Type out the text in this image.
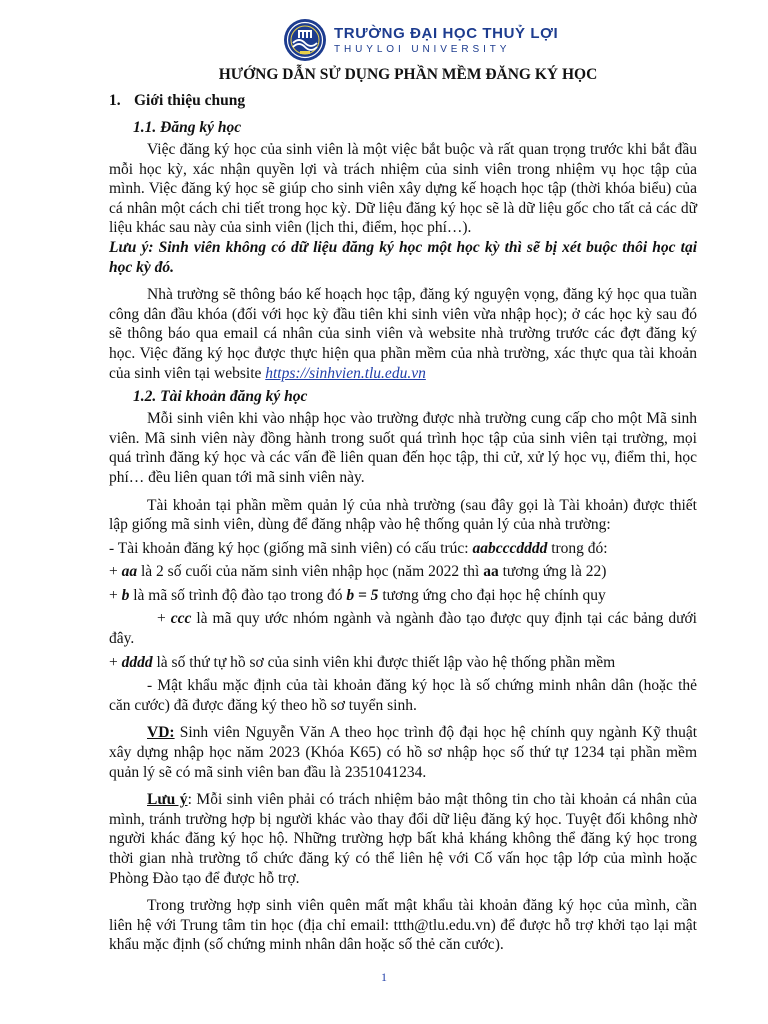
TRƯỜNG ĐẠI HỌC THUỶ LỢI
THUYLOI UNIVERSITY
HƯỚNG DẪN SỬ DỤNG PHẦN MỀM ĐĂNG KÝ HỌC
1. Giới thiệu chung
1.1. Đăng ký học

Việc đăng ký học của sinh viên là một việc bắt buộc và rất quan trọng trước khi bắt đầu mỗi học kỳ, xác nhận quyền lợi và trách nhiệm của sinh viên trong nhiệm vụ học tập của mình. Việc đăng ký học sẽ giúp cho sinh viên xây dựng kế hoạch học tập (thời khóa biểu) của cá nhân một cách chi tiết trong học kỳ. Dữ liệu đăng ký học sẽ là dữ liệu gốc cho tất cả các dữ liệu khác sau này của sinh viên (lịch thi, điểm, học phí…).

Lưu ý: Sinh viên không có dữ liệu đăng ký học một học kỳ thì sẽ bị xét buộc thôi học tại học kỳ đó.

Nhà trường sẽ thông báo kế hoạch học tập, đăng ký nguyện vọng, đăng ký học qua tuần công dân đầu khóa (đối với học kỳ đầu tiên khi sinh viên vừa nhập học); ở các học kỳ sau đó sẽ thông báo qua email cá nhân của sinh viên và website nhà trường trước các đợt đăng ký học. Việc đăng ký học được thực hiện qua phần mềm của nhà trường, xác thực qua tài khoản của sinh viên tại website https://sinhvien.tlu.edu.vn

1.2. Tài khoản đăng ký học

Mỗi sinh viên khi vào nhập học vào trường được nhà trường cung cấp cho một Mã sinh viên. Mã sinh viên này đồng hành trong suốt quá trình học tập của sinh viên tại trường, mọi quá trình đăng ký học và các vấn đề liên quan đến học tập, thi cử, xử lý học vụ, điểm thi, học phí… đều liên quan tới mã sinh viên này.

Tài khoản tại phần mềm quản lý của nhà trường (sau đây gọi là Tài khoản) được thiết lập giống mã sinh viên, dùng để đăng nhập vào hệ thống quản lý của nhà trường:

- Tài khoản đăng ký học (giống mã sinh viên) có cấu trúc: aabcccdddd trong đó:

+ aa là 2 số cuối của năm sinh viên nhập học (năm 2022 thì aa tương ứng là 22)

+ b là mã số trình độ đào tạo trong đó b = 5 tương ứng cho đại học hệ chính quy

+ ccc là mã quy ước nhóm ngành và ngành đào tạo được quy định tại các bảng dưới đây.

+ dddd là số thứ tự hồ sơ của sinh viên khi được thiết lập vào hệ thống phần mềm

- Mật khẩu mặc định của tài khoản đăng ký học là số chứng minh nhân dân (hoặc thẻ căn cước) đã được đăng ký theo hồ sơ tuyển sinh.

VD: Sinh viên Nguyễn Văn A theo học trình độ đại học hệ chính quy ngành Kỹ thuật xây dựng nhập học năm 2023 (Khóa K65) có hồ sơ nhập học số thứ tự 1234 tại phần mềm quản lý sẽ có mã sinh viên ban đầu là 2351041234.

Lưu ý: Mỗi sinh viên phải có trách nhiệm bảo mật thông tin cho tài khoản cá nhân của mình, tránh trường hợp bị người khác vào thay đổi dữ liệu đăng ký học. Tuyệt đối không nhờ người khác đăng ký học hộ. Những trường hợp bất khả kháng không thể đăng ký học trong thời gian nhà trường tổ chức đăng ký có thể liên hệ với Cố vấn học tập lớp của mình hoặc Phòng Đào tạo để được hỗ trợ.

Trong trường hợp sinh viên quên mất mật khẩu tài khoản đăng ký học của mình, cần liên hệ với Trung tâm tin học (địa chỉ email: ttth@tlu.edu.vn) để được hỗ trợ khởi tạo lại mật khẩu mặc định (số chứng minh nhân dân hoặc số thẻ căn cước).

1
